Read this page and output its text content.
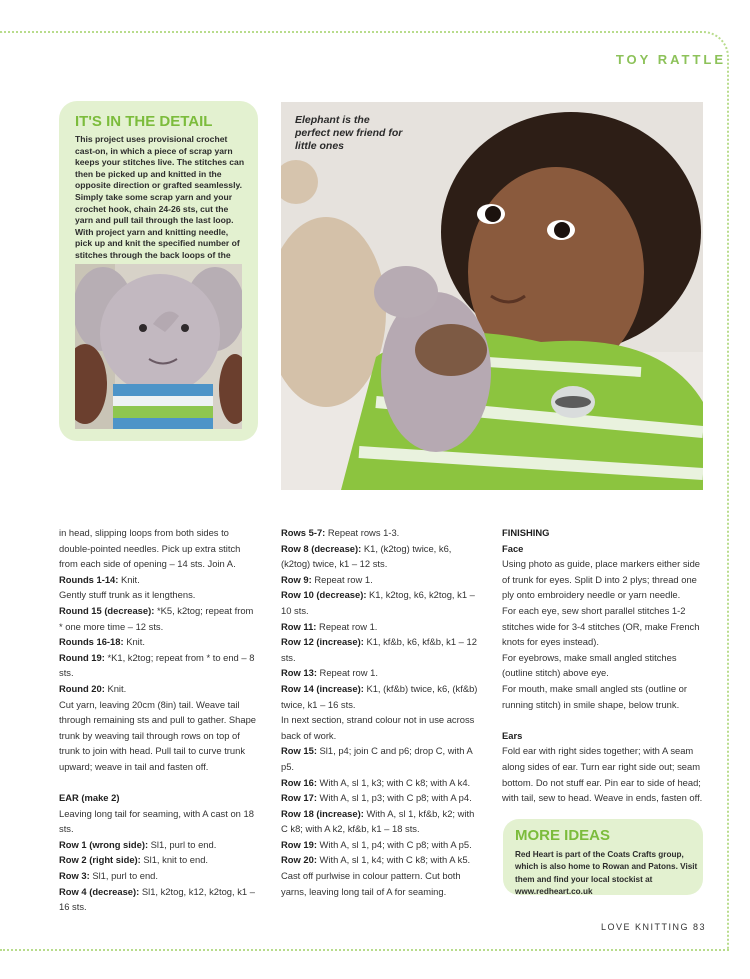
TOY RATTLE
IT'S IN THE DETAIL
This project uses provisional crochet cast-on, in which a piece of scrap yarn keeps your stitches live. The stitches can then be picked up and knitted in the opposite direction or grafted seamlessly. Simply take some scrap yarn and your crochet hook, chain 24-26 sts, cut the yarn and pull tail through the last loop. With project yarn and knitting needle, pick up and knit the specified number of stitches through the back loops of the
Elephant is the perfect new friend for little ones

in head, slipping loops from both sides to double-pointed needles. Pick up extra stitch from each side of opening – 14 sts. Join A.

Rounds 1-14: Knit.

Gently stuff trunk as it lengthens.

Round 15 (decrease): *K5, k2tog; repeat from * one more time – 12 sts.

Rounds 16-18: Knit.

Round 19: *K1, k2tog; repeat from * to end – 8 sts.

Round 20: Knit.

Cut yarn, leaving 20cm (8in) tail. Weave tail through remaining sts and pull to gather. Shape trunk by weaving tail through rows on top of trunk to join with head. Pull tail to curve trunk upward; weave in tail and fasten off.

EAR (make 2)

Leaving long tail for seaming, with A cast on 18 sts.

Row 1 (wrong side): Sl1, purl to end.

Row 2 (right side): Sl1, knit to end.

Row 3: Sl1, purl to end.

Row 4 (decrease): Sl1, k2tog, k12, k2tog, k1 – 16 sts.

Rows 5-7: Repeat rows 1-3.

Row 8 (decrease): K1, (k2tog) twice, k6, (k2tog) twice, k1 – 12 sts.

Row 9: Repeat row 1.

Row 10 (decrease): K1, k2tog, k6, k2tog, k1 – 10 sts.

Row 11: Repeat row 1.

Row 12 (increase): K1, kf&b, k6, kf&b, k1 – 12 sts.

Row 13: Repeat row 1.

Row 14 (increase): K1, (kf&b) twice, k6, (kf&b) twice, k1 – 16 sts.

In next section, strand colour not in use across back of work.

Row 15: Sl1, p4; join C and p6; drop C, with A p5.

Row 16: With A, sl 1, k3; with C k8; with A k4.

Row 17: With A, sl 1, p3; with C p8; with A p4.

Row 18 (increase): With A, sl 1, kf&b, k2; with C k8; with A k2, kf&b, k1 – 18 sts.

Row 19: With A, sl 1, p4; with C p8; with A p5.

Row 20: With A, sl 1, k4; with C k8; with A k5.

Cast off purlwise in colour pattern. Cut both yarns, leaving long tail of A for seaming.

FINISHING

Face

Using photo as guide, place markers either side of trunk for eyes. Split D into 2 plys; thread one ply onto embroidery needle or yarn needle.

For each eye, sew short parallel stitches 1-2 stitches wide for 3-4 stitches (OR, make French knots for eyes instead).

For eyebrows, make small angled stitches (outline stitch) above eye.

For mouth, make small angled sts (outline or running stitch) in smile shape, below trunk.

Ears

Fold ear with right sides together; with A seam along sides of ear. Turn ear right side out; seam bottom. Do not stuff ear. Pin ear to side of head; with tail, sew to head. Weave in ends, fasten off.

MORE IDEAS
Red Heart is part of the Coats Crafts group, which is also home to Rowan and Patons. Visit them and find your local stockist at www.redheart.co.uk
LOVE KNITTING 83
